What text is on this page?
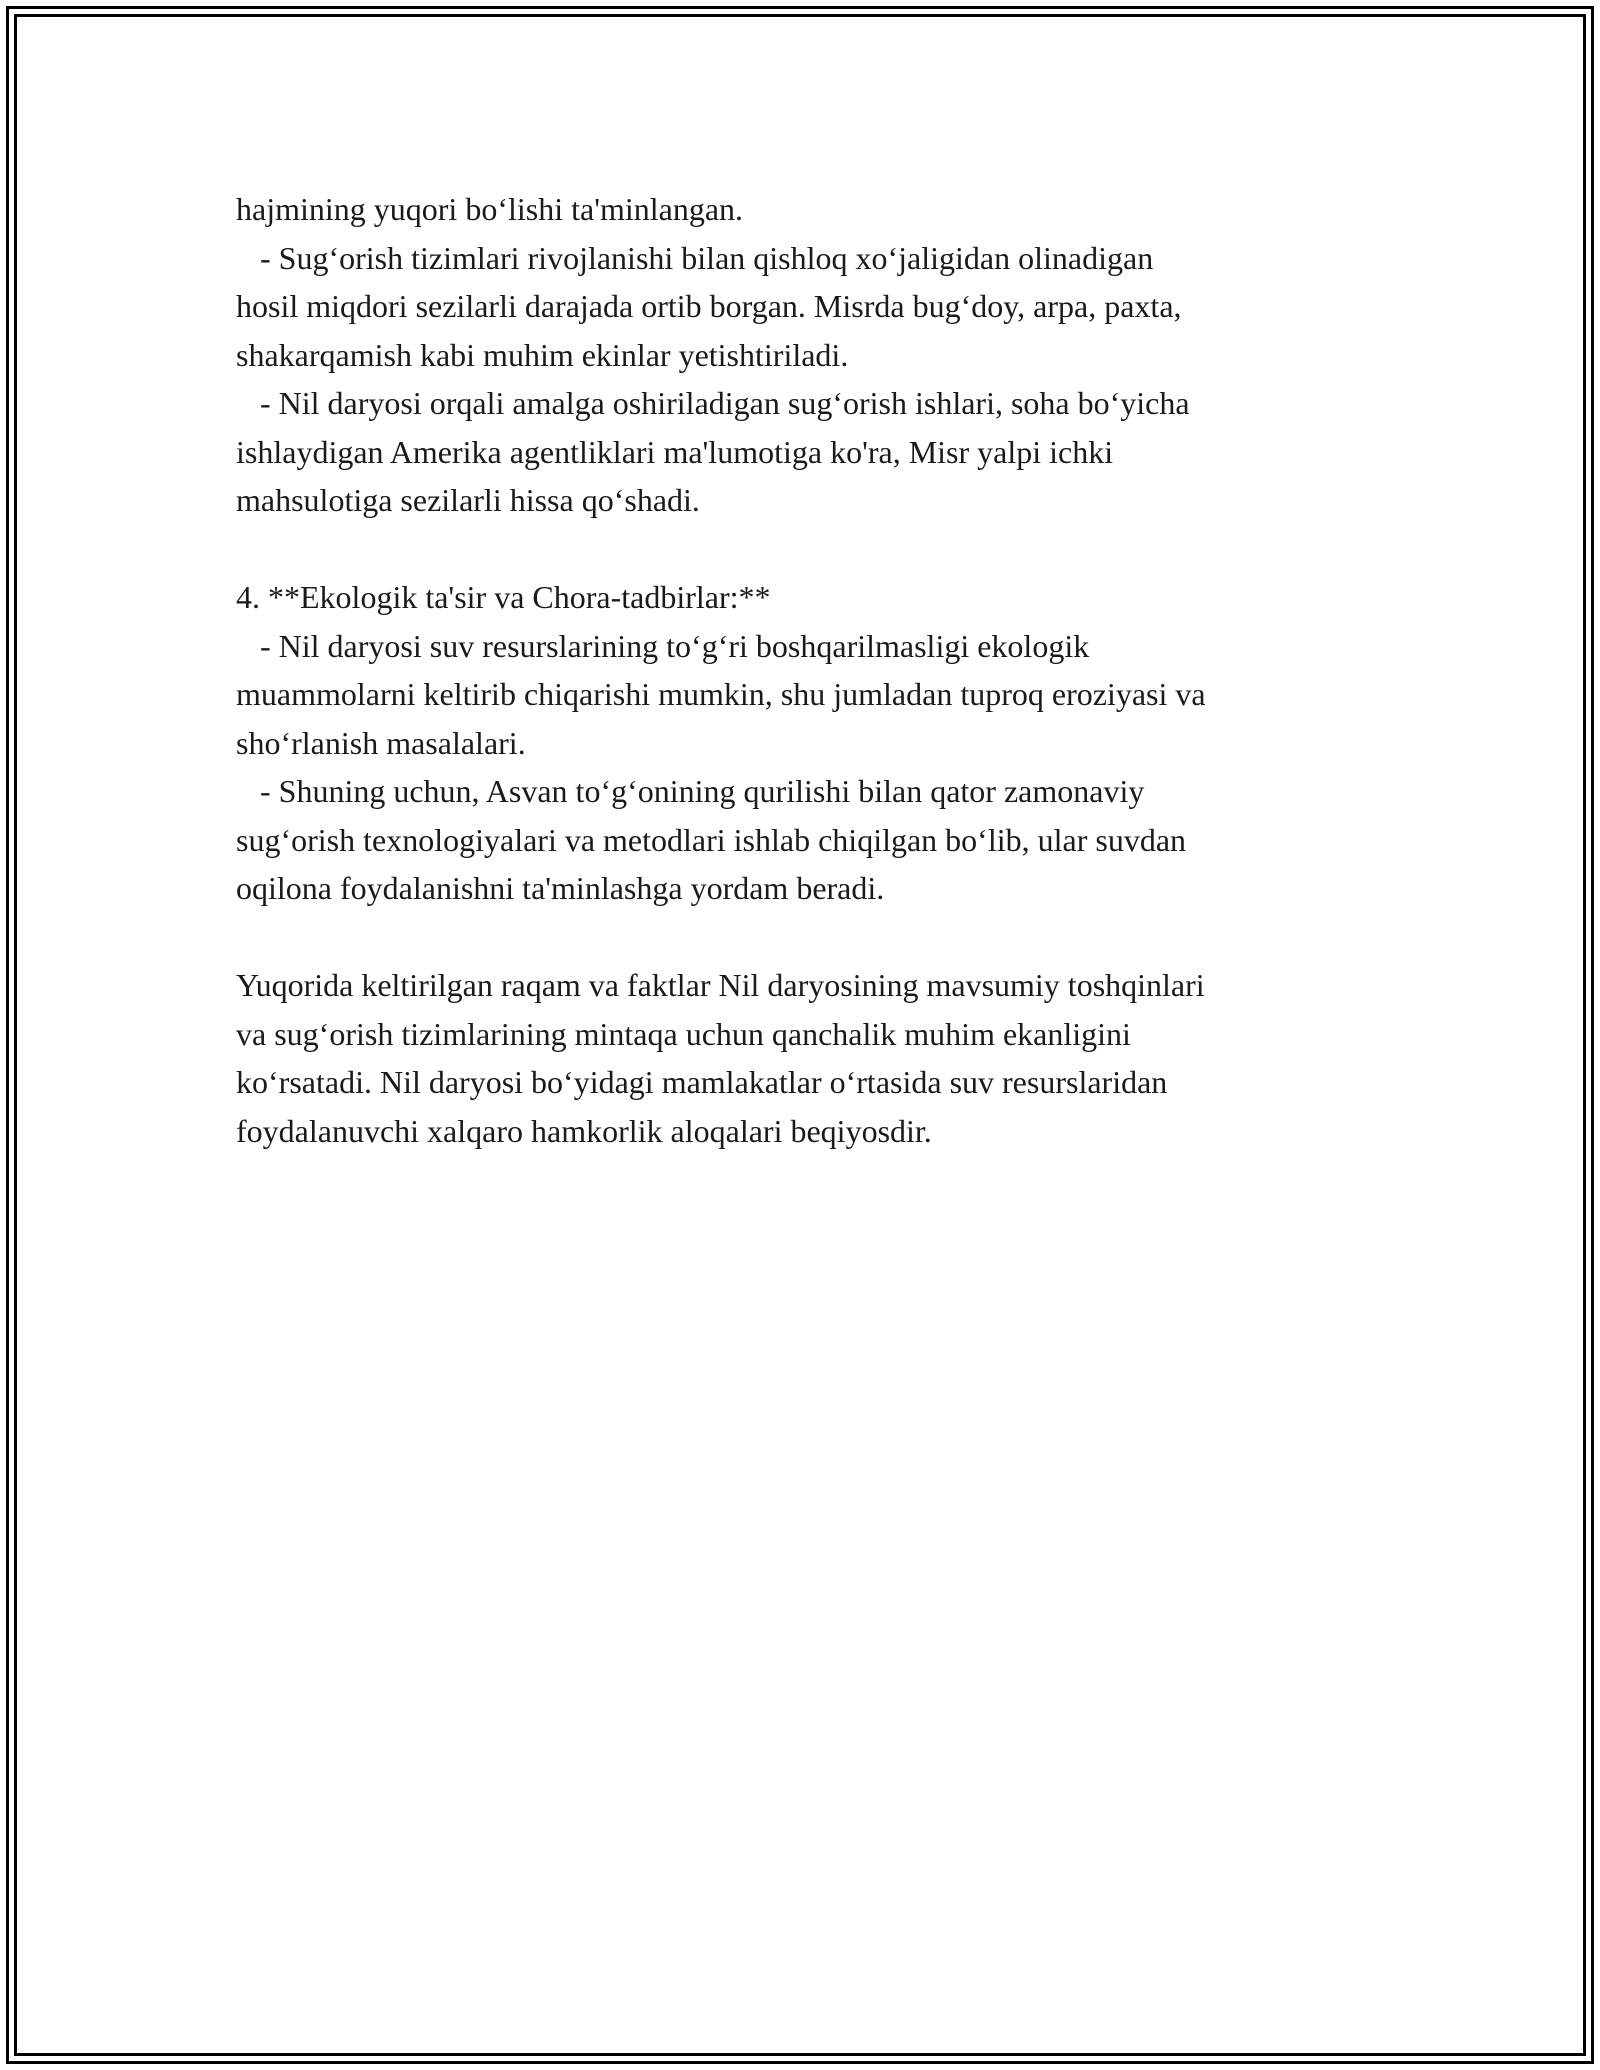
hajmining yuqori bo‘lishi ta'minlangan.
- Sug‘orish tizimlari rivojlanishi bilan qishloq xo‘jaligidan olinadigan
hosil miqdori sezilarli darajada ortib borgan. Misrda bug‘doy, arpa, paxta,
shakarqamish kabi muhim ekinlar yetishtiriladi.
- Nil daryosi orqali amalga oshiriladigan sug‘orish ishlari, soha bo‘yicha
ishlaydigan Amerika agentliklari ma'lumotiga ko'ra, Misr yalpi ichki
mahsulotiga sezilarli hissa qo‘shadi.
4. **Ekologik ta'sir va Chora-tadbirlar:**
- Nil daryosi suv resurslarining to‘g‘ri boshqarilmasligi ekologik
muammolarni keltirib chiqarishi mumkin, shu jumladan tuproq eroziyasi va
sho‘rlanish masalalari.
- Shuning uchun, Asvan to‘g‘onining qurilishi bilan qator zamonaviy
sug‘orish texnologiyalari va metodlari ishlab chiqilgan bo‘lib, ular suvdan
oqilona foydalanishni ta'minlashga yordam beradi.
Yuqorida keltirilgan raqam va faktlar Nil daryosining mavsumiy toshqinlari
va sug‘orish tizimlarining mintaqa uchun qanchalik muhim ekanligini
ko‘rsatadi. Nil daryosi bo‘yidagi mamlakatlar o‘rtasida suv resurslaridan
foydalanuvchi xalqaro hamkorlik aloqalari beqiyosdir.
